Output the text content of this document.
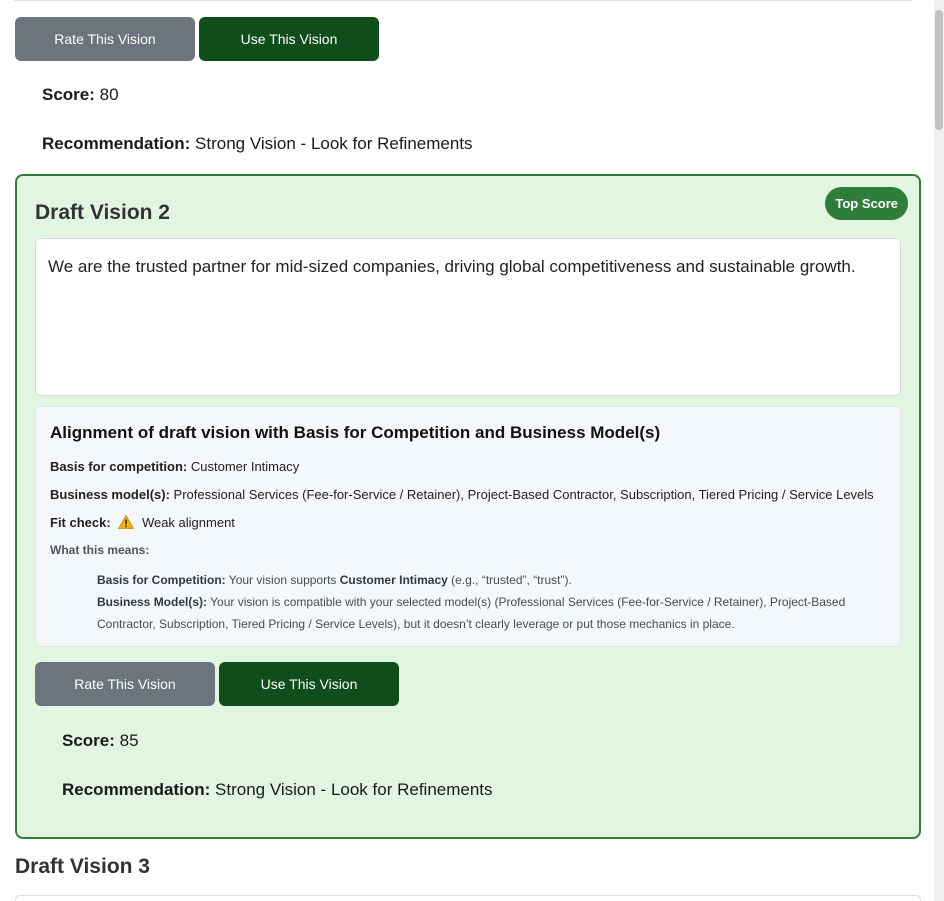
Rate This Vision	Use This Vision
Score: 80
Recommendation: Strong Vision - Look for Refinements
Draft Vision 2	Top Score
We are the trusted partner for mid-sized companies, driving global competitiveness and sustainable growth.
Alignment of draft vision with Basis for Competition and Business Model(s)
Basis for competition: Customer Intimacy
Business model(s): Professional Services (Fee-for-Service / Retainer), Project-Based Contractor, Subscription, Tiered Pricing / Service Levels
Fit check: Weak alignment
What this means:
Basis for Competition: Your vision supports Customer Intimacy (e.g., “trusted”, “trust”).
Business Model(s): Your vision is compatible with your selected model(s) (Professional Services (Fee-for-Service / Retainer), Project-Based Contractor, Subscription, Tiered Pricing / Service Levels), but it doesn’t clearly leverage or put those mechanics in place.
Rate This Vision	Use This Vision
Score: 85
Recommendation: Strong Vision - Look for Refinements
Draft Vision 3
